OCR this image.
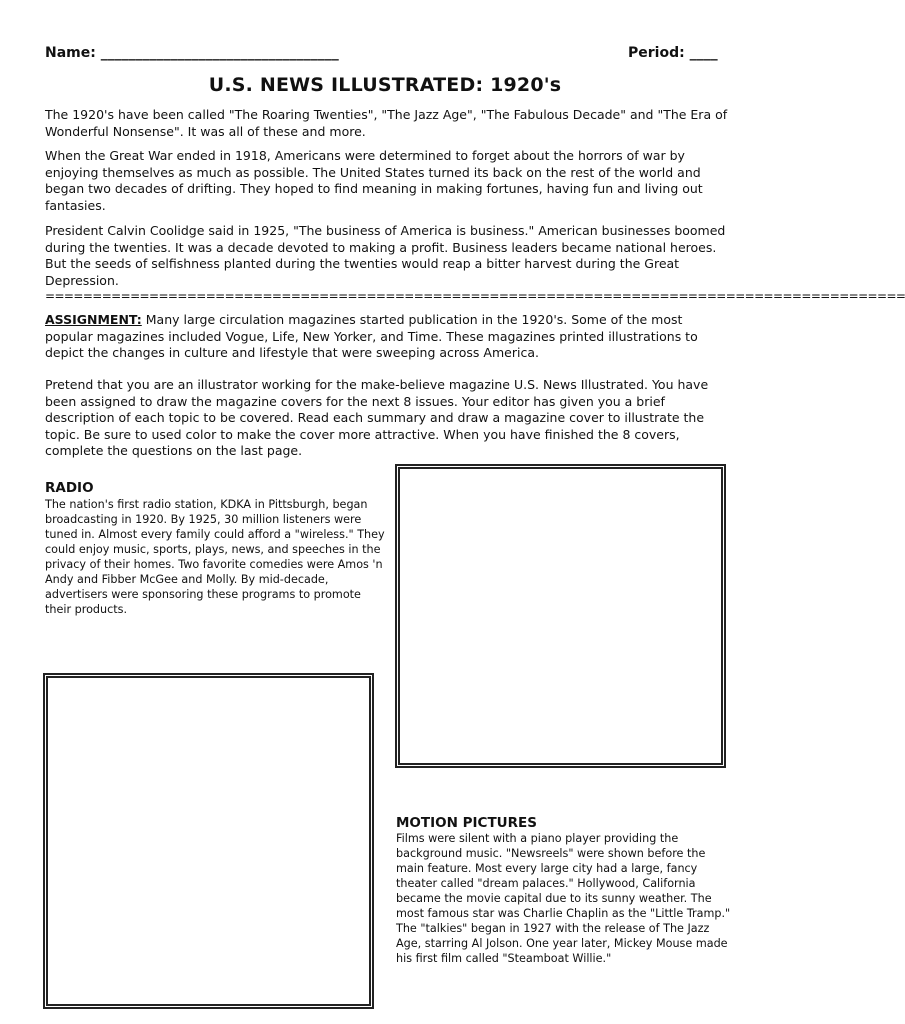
Name: __________________________________	Period: ____
U.S. NEWS ILLUSTRATED: 1920's
The 1920's have been called "The Roaring Twenties", "The Jazz Age", "The Fabulous Decade" and "The Era of Wonderful Nonsense". It was all of these and more.
When the Great War ended in 1918, Americans were determined to forget about the horrors of war by enjoying themselves as much as possible. The United States turned its back on the rest of the world and began two decades of drifting. They hoped to find meaning in making fortunes, having fun and living out fantasies.
President Calvin Coolidge said in 1925, "The business of America is business." American businesses boomed during the twenties. It was a decade devoted to making a profit. Business leaders became national heroes. But the seeds of selfishness planted during the twenties would reap a bitter harvest during the Great Depression.
===========================================================================================
ASSIGNMENT: Many large circulation magazines started publication in the 1920's. Some of the most popular magazines included Vogue, Life, New Yorker, and Time. These magazines printed illustrations to depict the changes in culture and lifestyle that were sweeping across America.
Pretend that you are an illustrator working for the make-believe magazine U.S. News Illustrated. You have been assigned to draw the magazine covers for the next 8 issues. Your editor has given you a brief description of each topic to be covered. Read each summary and draw a magazine cover to illustrate the topic. Be sure to used color to make the cover more attractive. When you have finished the 8 covers, complete the questions on the last page.
RADIO
The nation's first radio station, KDKA in Pittsburgh, began broadcasting in 1920. By 1925, 30 million listeners were tuned in. Almost every family could afford a "wireless." They could enjoy music, sports, plays, news, and speeches in the privacy of their homes. Two favorite comedies were Amos 'n Andy and Fibber McGee and Molly. By mid-decade, advertisers were sponsoring these programs to promote their products.
MOTION PICTURES
Films were silent with a piano player providing the background music. "Newsreels" were shown before the main feature. Most every large city had a large, fancy theater called "dream palaces." Hollywood, California became the movie capital due to its sunny weather. The most famous star was Charlie Chaplin as the "Little Tramp." The "talkies" began in 1927 with the release of The Jazz Age, starring Al Jolson. One year later, Mickey Mouse made his first film called "Steamboat Willie."
